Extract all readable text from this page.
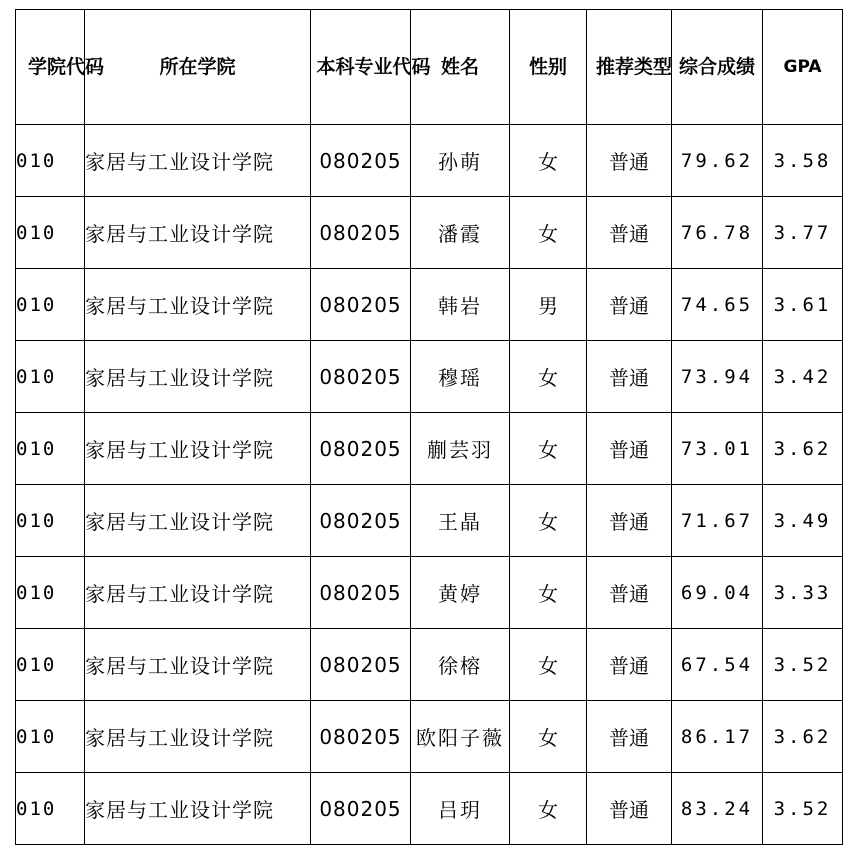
学院代码	所在学院	本科专业代码	姓名	性别	推荐类型	综合成绩	GPA
010	家居与工业设计学院	080205	孙萌	女	普通	79.62	3.58
010	家居与工业设计学院	080205	潘霞	女	普通	76.78	3.77
010	家居与工业设计学院	080205	韩岩	男	普通	74.65	3.61
010	家居与工业设计学院	080205	穆瑶	女	普通	73.94	3.42
010	家居与工业设计学院	080205	蒯芸羽	女	普通	73.01	3.62
010	家居与工业设计学院	080205	王晶	女	普通	71.67	3.49
010	家居与工业设计学院	080205	黄婷	女	普通	69.04	3.33
010	家居与工业设计学院	080205	徐榕	女	普通	67.54	3.52
010	家居与工业设计学院	080205	欧阳子薇	女	普通	86.17	3.62
010	家居与工业设计学院	080205	吕玥	女	普通	83.24	3.52
